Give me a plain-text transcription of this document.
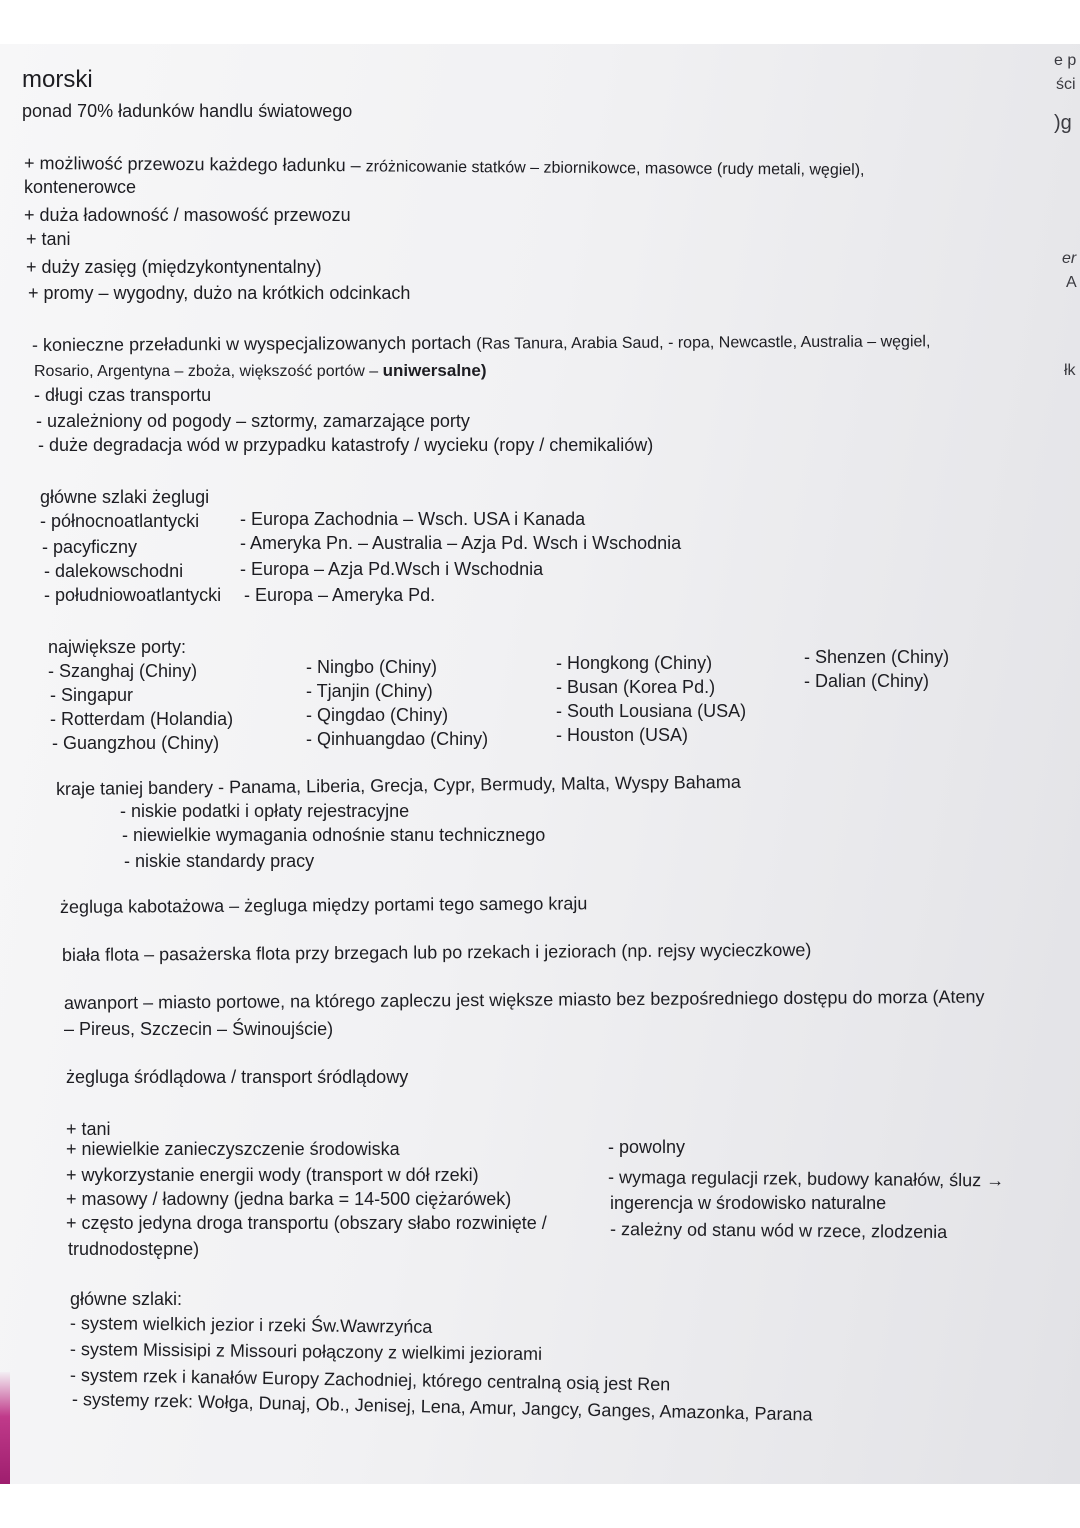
morski
ponad 70% ładunków handlu światowego
+ możliwość przewozu każdego ładunku – zróżnicowanie statków – zbiornikowce, masowce (rudy metali, węgiel),
kontenerowce
+ duża ładowność / masowość przewozu
+ tani
+ duży zasięg (międzykontynentalny)
+ promy – wygodny, dużo na krótkich odcinkach
- konieczne przeładunki w wyspecjalizowanych portach (Ras Tanura, Arabia Saud, - ropa, Newcastle, Australia – węgiel,
Rosario, Argentyna – zboża, większość portów – uniwersalne)
- długi czas transportu
- uzależniony od pogody – sztormy, zamarzające porty
- duże degradacja wód w przypadku katastrofy / wycieku (ropy / chemikaliów)
główne szlaki żeglugi
- północnoatlantycki - Europa Zachodnia – Wsch. USA i Kanada
- pacyficzny	- Ameryka Pn. – Australia – Azja Pd. Wsch i Wschodnia
- dalekowschodni	- Europa – Azja Pd.Wsch i Wschodnia
- południowoatlantycki - Europa – Ameryka Pd.
największe porty:
- Szanghaj (Chiny)
- Singapur
- Rotterdam (Holandia)
- Guangzhou (Chiny)
- Ningbo (Chiny)
- Tjanjin (Chiny)
- Qingdao (Chiny)
- Qinhuangdao (Chiny)
- Hongkong (Chiny)
- Busan (Korea Pd.)
- South Lousiana (USA)
- Houston (USA)
- Shenzen (Chiny)
- Dalian (Chiny)
kraje taniej bandery - Panama, Liberia, Grecja, Cypr, Bermudy, Malta, Wyspy Bahama
- niskie podatki i opłaty rejestracyjne
- niewielkie wymagania odnośnie stanu technicznego
- niskie standardy pracy
żegluga kabotażowa – żegluga między portami tego samego kraju
biała flota – pasażerska flota przy brzegach lub po rzekach i jeziorach (np. rejsy wycieczkowe)
awanport – miasto portowe, na którego zapleczu jest większe miasto bez bezpośredniego dostępu do morza (Ateny
– Pireus, Szczecin – Świnoujście)
żegluga śródlądowa / transport śródlądowy
+ tani
+ niewielkie zanieczyszczenie środowiska
+ wykorzystanie energii wody (transport w dół rzeki)
+ masowy / ładowny (jedna barka = 14-500 ciężarówek)
+ często jedyna droga transportu (obszary słabo rozwinięte /
trudnodostępne)
- powolny
- wymaga regulacji rzek, budowy kanałów, śluz →
ingerencja w środowisko naturalne
- zależny od stanu wód w rzece, zlodzenia
główne szlaki:
- system wielkich jezior i rzeki Św.Wawrzyńca
- system Missisipi z Missouri połączony z wielkimi jeziorami
- system rzek i kanałów Europy Zachodniej, którego centralną osią jest Ren
- systemy rzek: Wołga, Dunaj, Ob., Jenisej, Lena, Amur, Jangcy, Ganges, Amazonka, Parana
e p
ści
)g
er
A
łk
